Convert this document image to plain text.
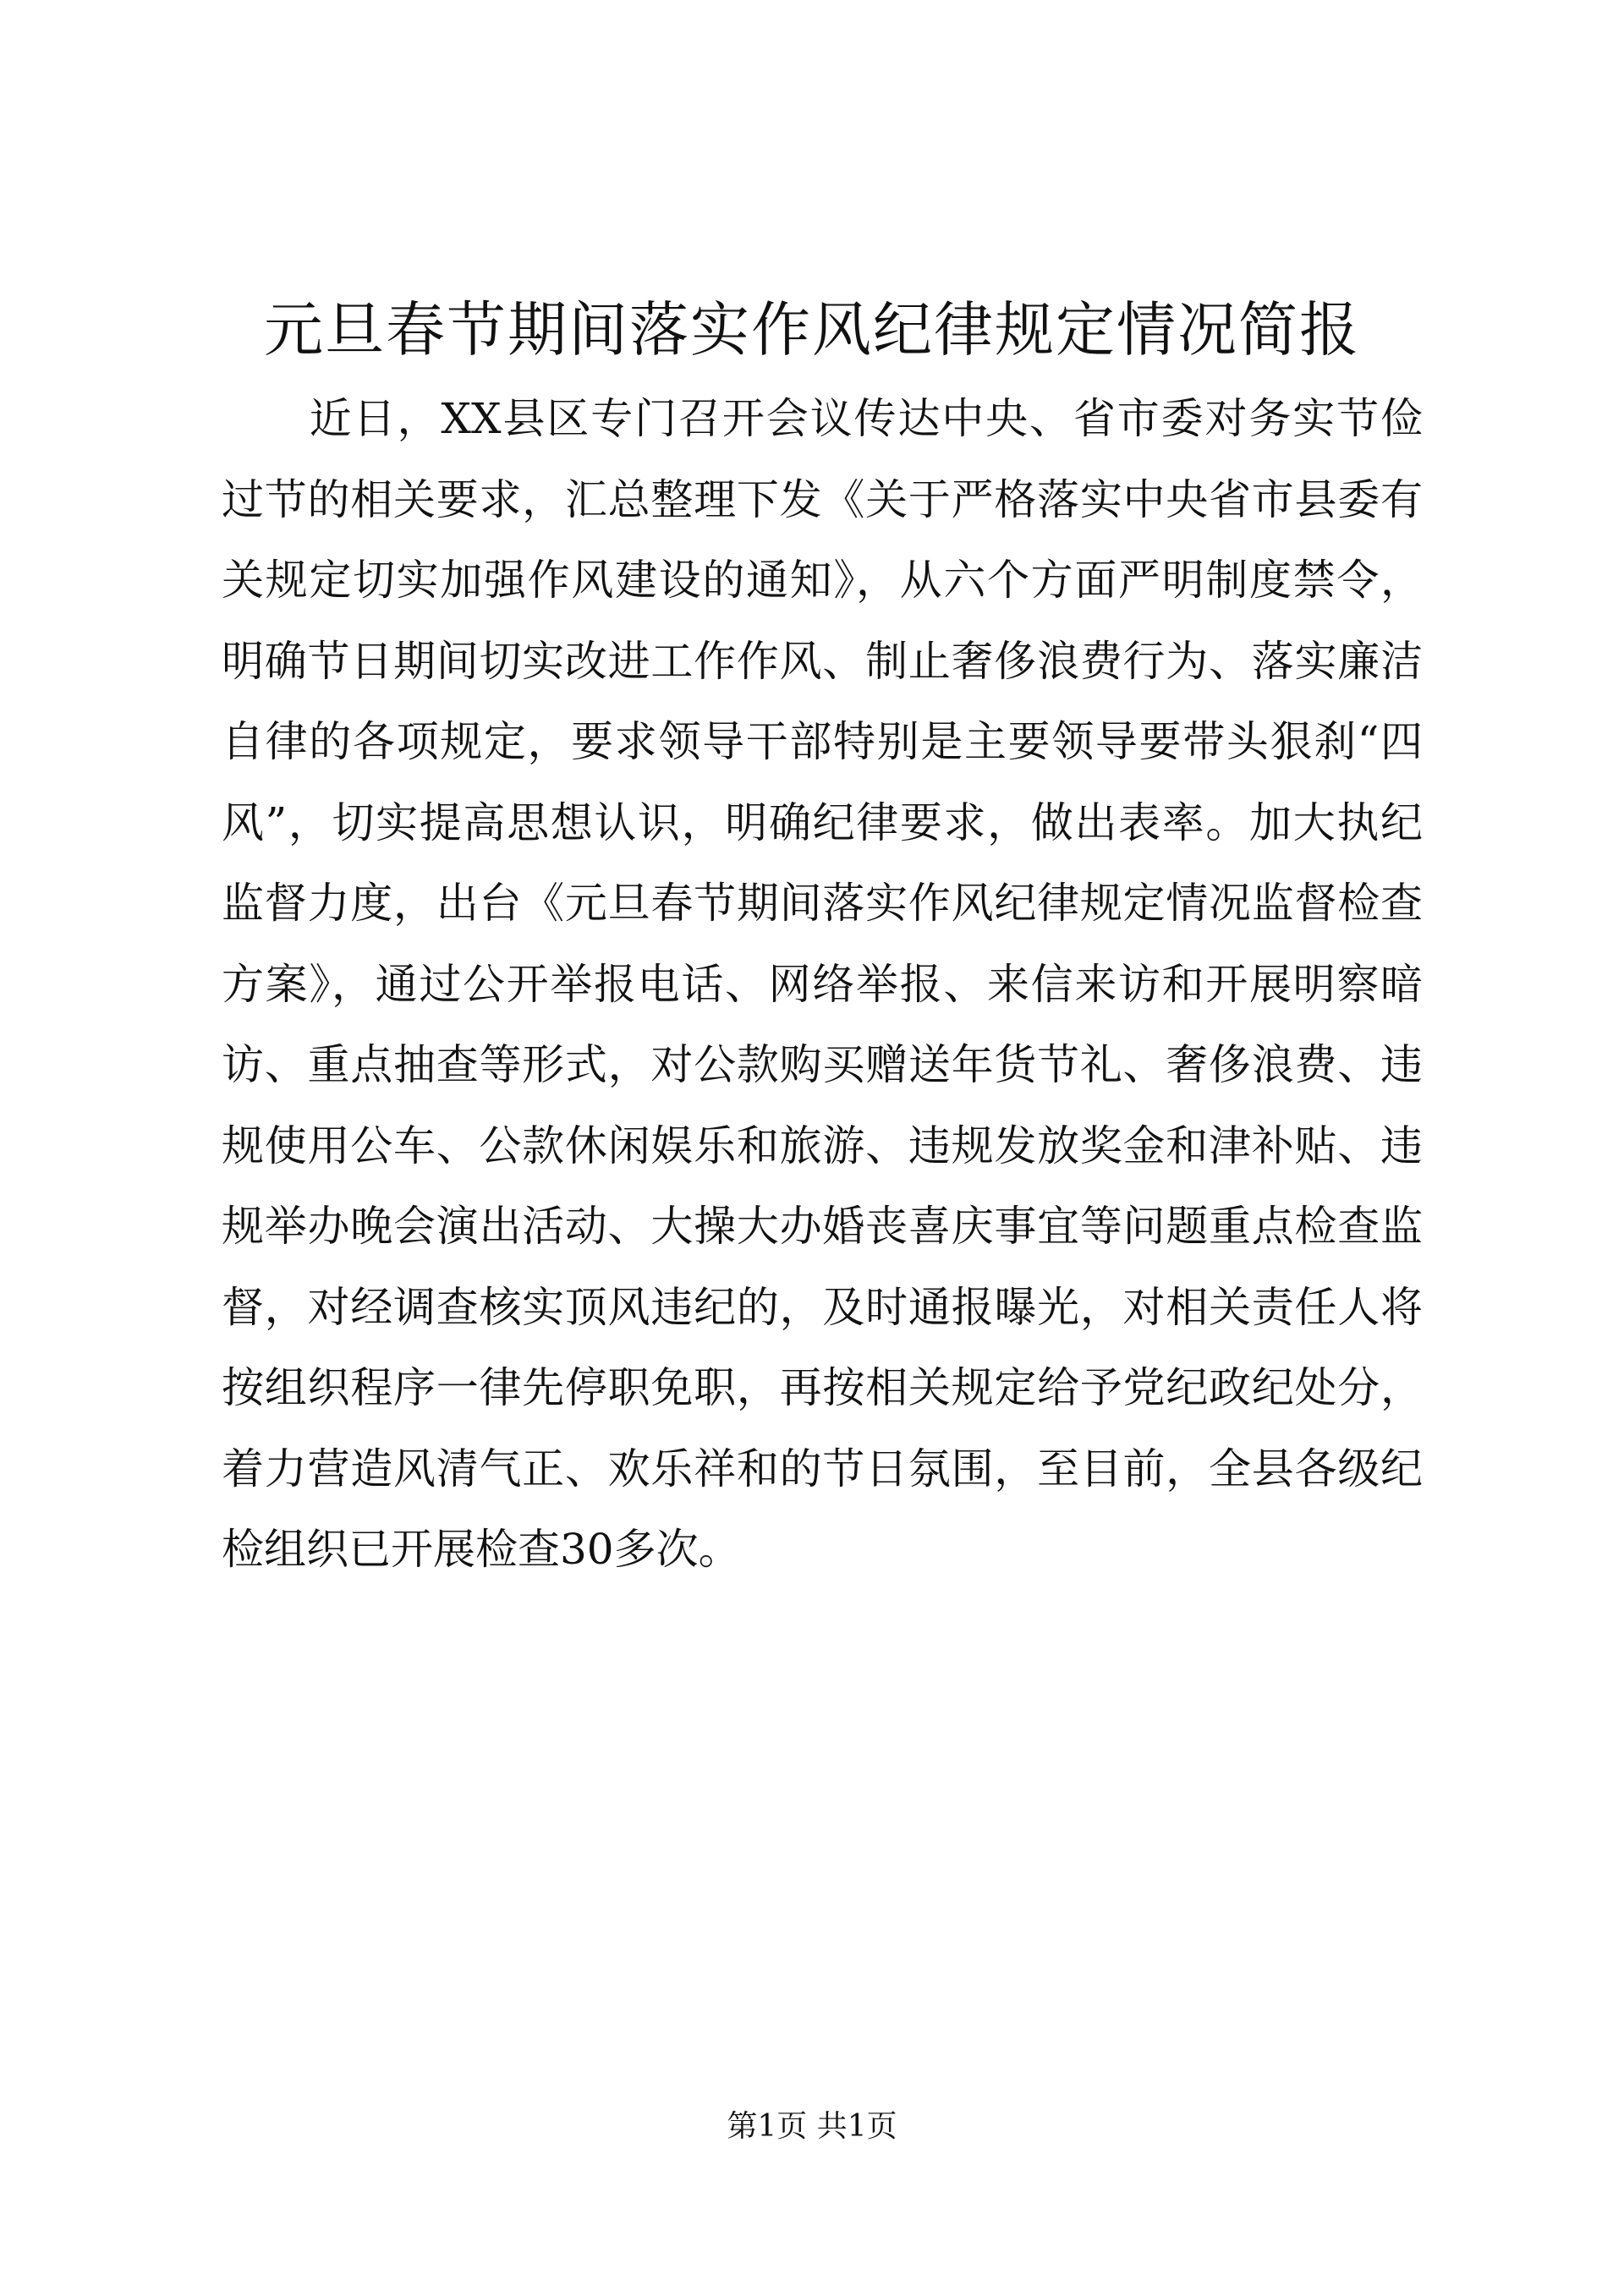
元旦春节期间落实作风纪律规定情况简报
　　近日，XX县区专门召开会议传达中央、省市委对务实节俭
过节的相关要求，汇总整理下发《关于严格落实中央省市县委有
关规定切实加强作风建设的通知》，从六个方面严明制度禁令，
明确节日期间切实改进工作作风、制止奢侈浪费行为、落实廉洁
自律的各项规定，要求领导干部特别是主要领导要带头狠刹“四
风”，切实提高思想认识，明确纪律要求，做出表率。加大执纪
监督力度，出台《元旦春节期间落实作风纪律规定情况监督检查
方案》，通过公开举报电话、网络举报、来信来访和开展明察暗
访、重点抽查等形式，对公款购买赠送年货节礼、奢侈浪费、违
规使用公车、公款休闲娱乐和旅游、违规发放奖金和津补贴、违
规举办晚会演出活动、大操大办婚丧喜庆事宜等问题重点检查监
督，对经调查核实顶风违纪的，及时通报曝光，对相关责任人将
按组织程序一律先停职免职，再按相关规定给予党纪政纪处分，
着力营造风清气正、欢乐祥和的节日氛围，至目前，全县各级纪
检组织已开展检查30多次。
第1页 共1页
